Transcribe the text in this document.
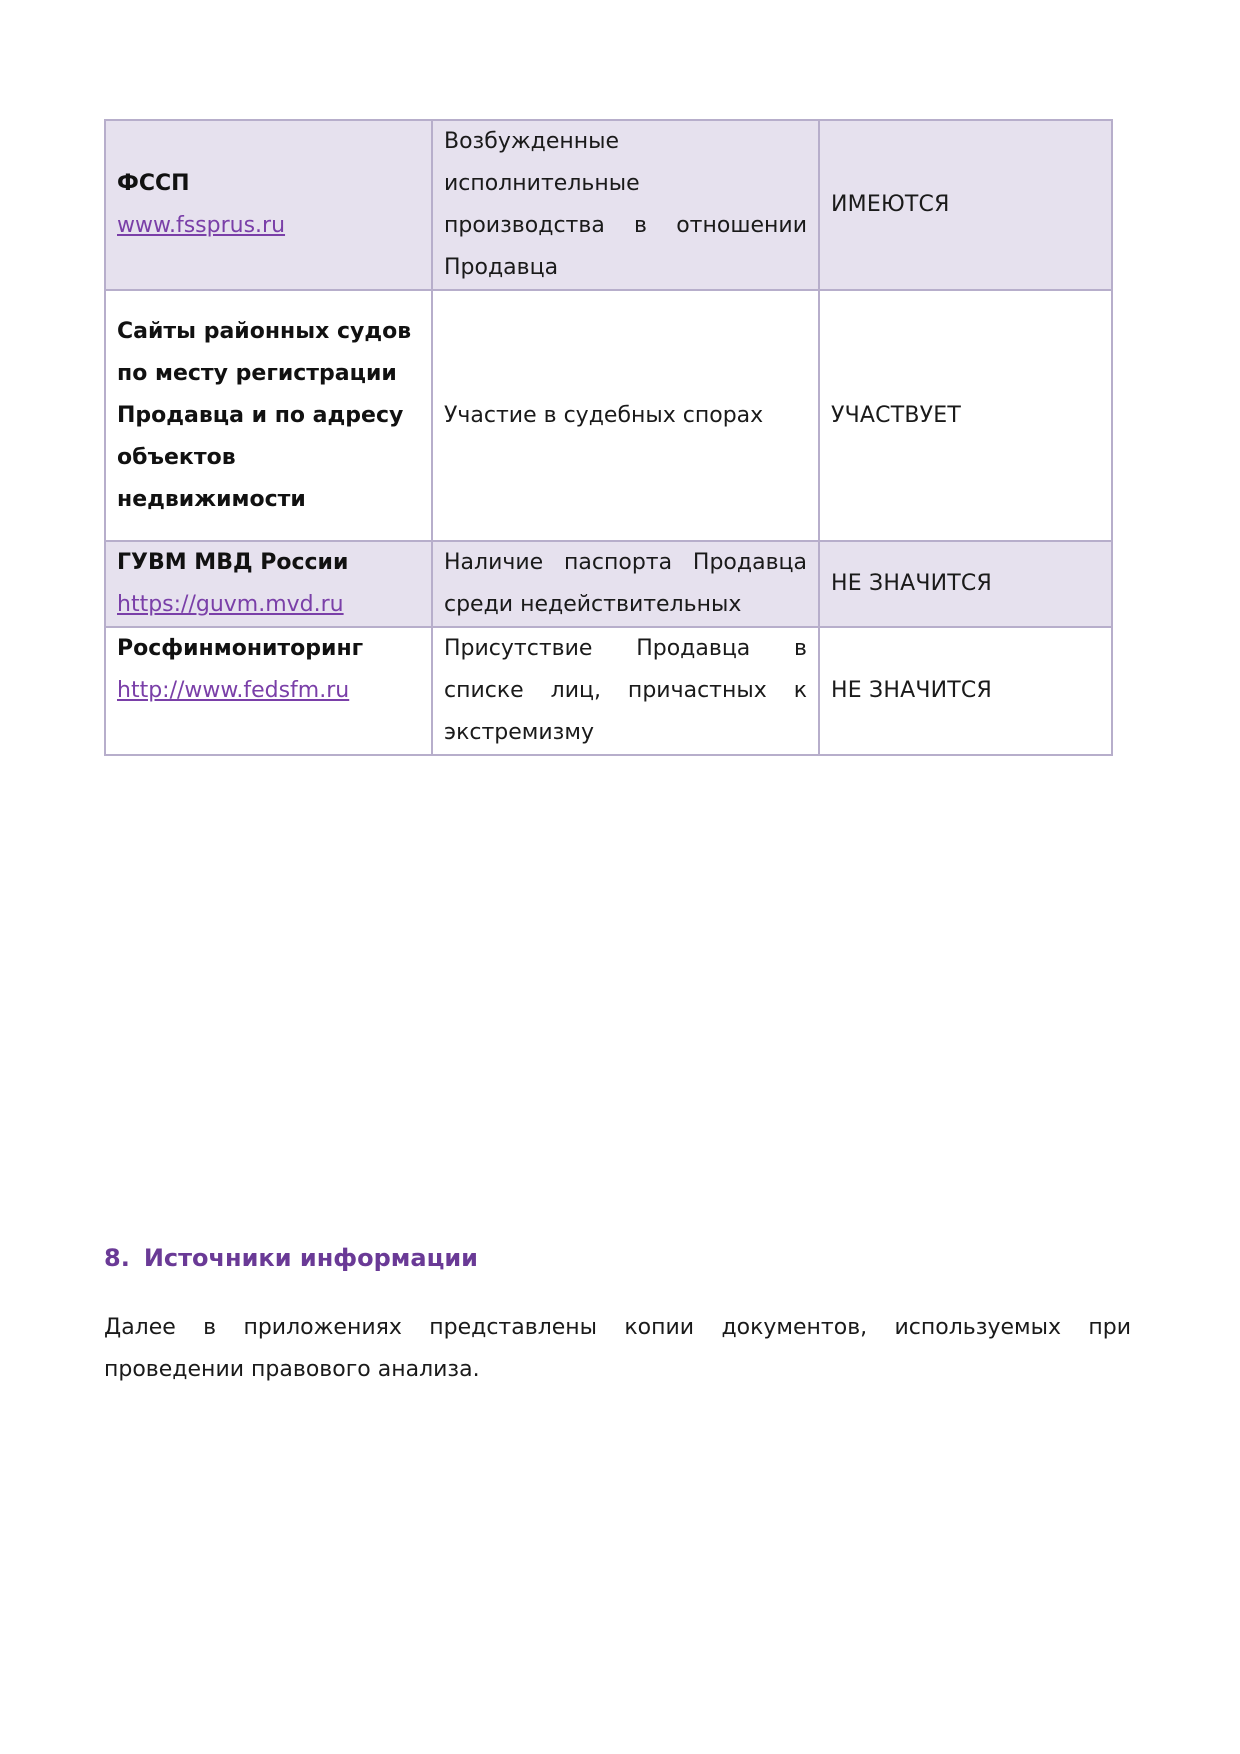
ФССП
www.fssprus.ru	Возбужденные исполнительные производства в отношении Продавца	ИМЕЮТСЯ

Сайты районных судов по месту регистрации Продавца и по адресу объектов недвижимости	Участие в судебных спорах	УЧАСТВУЕТ

ГУВМ МВД России
https://guvm.mvd.ru	Наличие паспорта Продавца среди недействительных	НЕ ЗНАЧИТСЯ

Росфинмониторинг
http://www.fedsfm.ru	Присутствие Продавца в списке лиц, причастных к экстремизму	НЕ ЗНАЧИТСЯ
8. Источники информации

Далее в приложениях представлены копии документов, используемых при проведении правового анализа.
